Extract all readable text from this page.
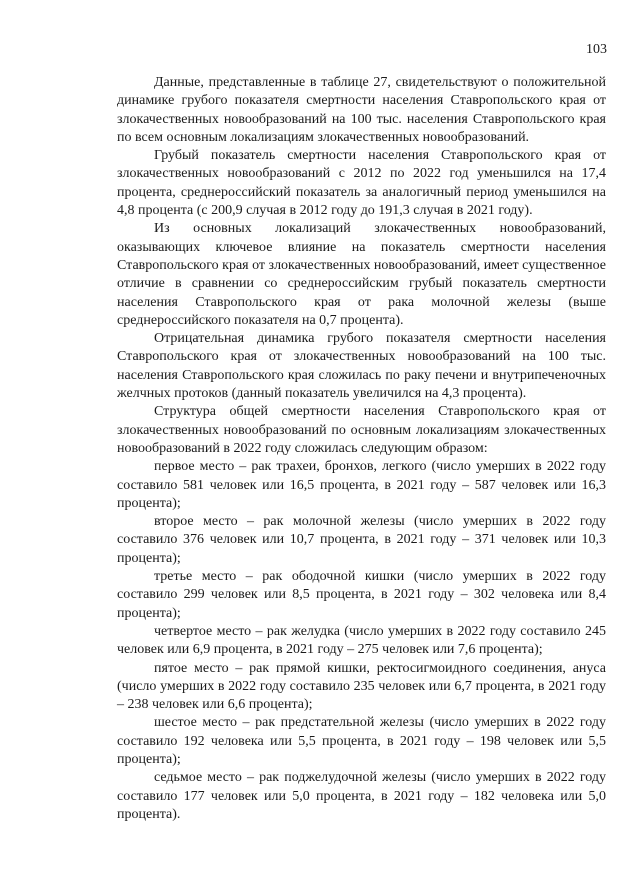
103

Данные, представленные в таблице 27, свидетельствуют о положительной динамике грубого показателя смертности населения Ставропольского края от злокачественных новообразований на 100 тыс. населения Ставропольского края по всем основным локализациям злокачественных новообразований.

Грубый показатель смертности населения Ставропольского края от злокачественных новообразований с 2012 по 2022 год уменьшился на 17,4 процента, среднероссийский показатель за аналогичный период уменьшился на 4,8 процента (с 200,9 случая в 2012 году до 191,3 случая в 2021 году).

Из основных локализаций злокачественных новообразований, оказывающих ключевое влияние на показатель смертности населения Ставропольского края от злокачественных новообразований, имеет существенное отличие в сравнении со среднероссийским грубый показатель смертности населения Ставропольского края от рака молочной железы (выше среднероссийского показателя на 0,7 процента).

Отрицательная динамика грубого показателя смертности населения Ставропольского края от злокачественных новообразований на 100 тыс. населения Ставропольского края сложилась по раку печени и внутрипеченочных желчных протоков (данный показатель увеличился на 4,3 процента).

Структура общей смертности населения Ставропольского края от злокачественных новообразований по основным локализациям злокачественных новообразований в 2022 году сложилась следующим образом:

первое место – рак трахеи, бронхов, легкого (число умерших в 2022 году составило 581 человек или 16,5 процента, в 2021 году – 587 человек или 16,3 процента);

второе место – рак молочной железы (число умерших в 2022 году составило 376 человек или 10,7 процента, в 2021 году – 371 человек или 10,3 процента);

третье место – рак ободочной кишки (число умерших в 2022 году составило 299 человек или 8,5 процента, в 2021 году – 302 человека или 8,4 процента);

четвертое место – рак желудка (число умерших в 2022 году составило 245 человек или 6,9 процента, в 2021 году – 275 человек или 7,6 процента);

пятое место – рак прямой кишки, ректосигмоидного соединения, ануса (число умерших в 2022 году составило 235 человек или 6,7 процента, в 2021 году – 238 человек или 6,6 процента);

шестое место – рак предстательной железы (число умерших в 2022 году составило 192 человека или 5,5 процента, в 2021 году – 198 человек или 5,5 процента);

седьмое место – рак поджелудочной железы (число умерших в 2022 году составило 177 человек или 5,0 процента, в 2021 году – 182 человека или 5,0 процента).
